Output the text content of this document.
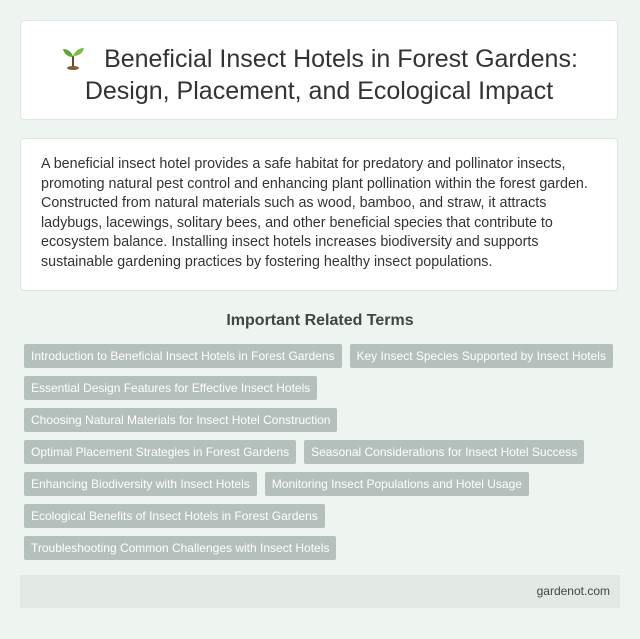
Beneficial Insect Hotels in Forest Gardens: Design, Placement, and Ecological Impact

A beneficial insect hotel provides a safe habitat for predatory and pollinator insects, promoting natural pest control and enhancing plant pollination within the forest garden. Constructed from natural materials such as wood, bamboo, and straw, it attracts ladybugs, lacewings, solitary bees, and other beneficial species that contribute to ecosystem balance. Installing insect hotels increases biodiversity and supports sustainable gardening practices by fostering healthy insect populations.

Important Related Terms
Introduction to Beneficial Insect Hotels in Forest Gardens	Key Insect Species Supported by Insect Hotels
Essential Design Features for Effective Insect Hotels
Choosing Natural Materials for Insect Hotel Construction
Optimal Placement Strategies in Forest Gardens	Seasonal Considerations for Insect Hotel Success
Enhancing Biodiversity with Insect Hotels	Monitoring Insect Populations and Hotel Usage
Ecological Benefits of Insect Hotels in Forest Gardens
Troubleshooting Common Challenges with Insect Hotels
gardenot.com
